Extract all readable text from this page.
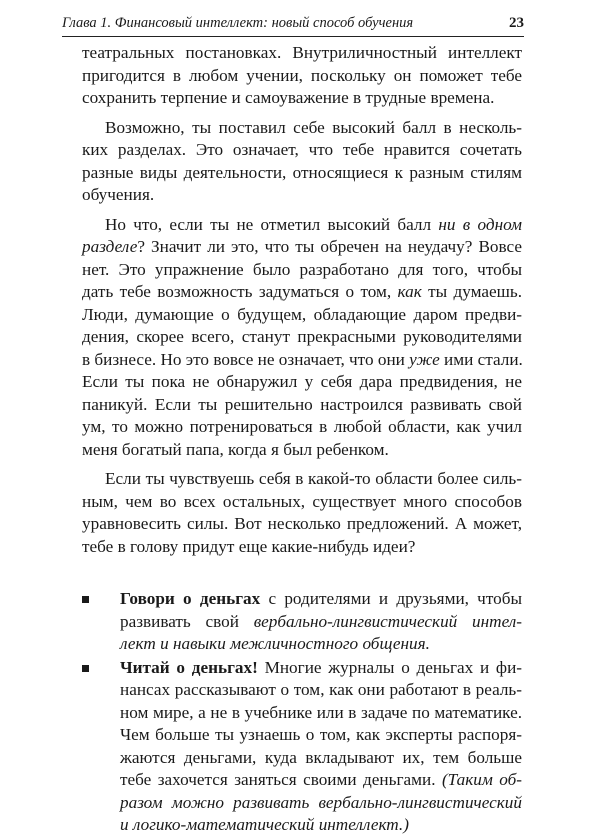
Глава 1. Финансовый интеллект: новый способ обучения	23

театральных постановках. Внутриличностный интеллект
пригодится в любом учении, поскольку он поможет тебе
сохранить терпение и самоуважение в трудные времена.

Возможно, ты поставил себе высокий балл в несколь-
ких разделах. Это означает, что тебе нравится сочетать
разные виды деятельности, относящиеся к разным стилям
обучения.

Но что, если ты не отметил высокий балл ни в одном
разделе? Значит ли это, что ты обречен на неудачу? Вовсе
нет. Это упражнение было разработано для того, чтобы
дать тебе возможность задуматься о том, как ты думаешь.
Люди, думающие о будущем, обладающие даром предви-
дения, скорее всего, станут прекрасными руководителями
в бизнесе. Но это вовсе не означает, что они уже ими стали.
Если ты пока не обнаружил у себя дара предвидения, не
паникуй. Если ты решительно настроился развивать свой
ум, то можно потренироваться в любой области, как учил
меня богатый папа, когда я был ребенком.

Если ты чувствуешь себя в какой-то области более силь-
ным, чем во всех остальных, существует много способов
уравновесить силы. Вот несколько предложений. А может,
тебе в голову придут еще какие-нибудь идеи?

Говори о деньгах с родителями и друзьями, чтобы
развивать свой вербально-лингвистический интел-
лект и навыки межличностного общения.
Читай о деньгах! Многие журналы о деньгах и фи-
нансах рассказывают о том, как они работают в реаль-
ном мире, а не в учебнике или в задаче по математике.
Чем больше ты узнаешь о том, как эксперты распоря-
жаются деньгами, куда вкладывают их, тем больше
тебе захочется заняться своими деньгами. (Таким об-
разом можно развивать вербально-лингвистический
и логико-математический интеллект.)
